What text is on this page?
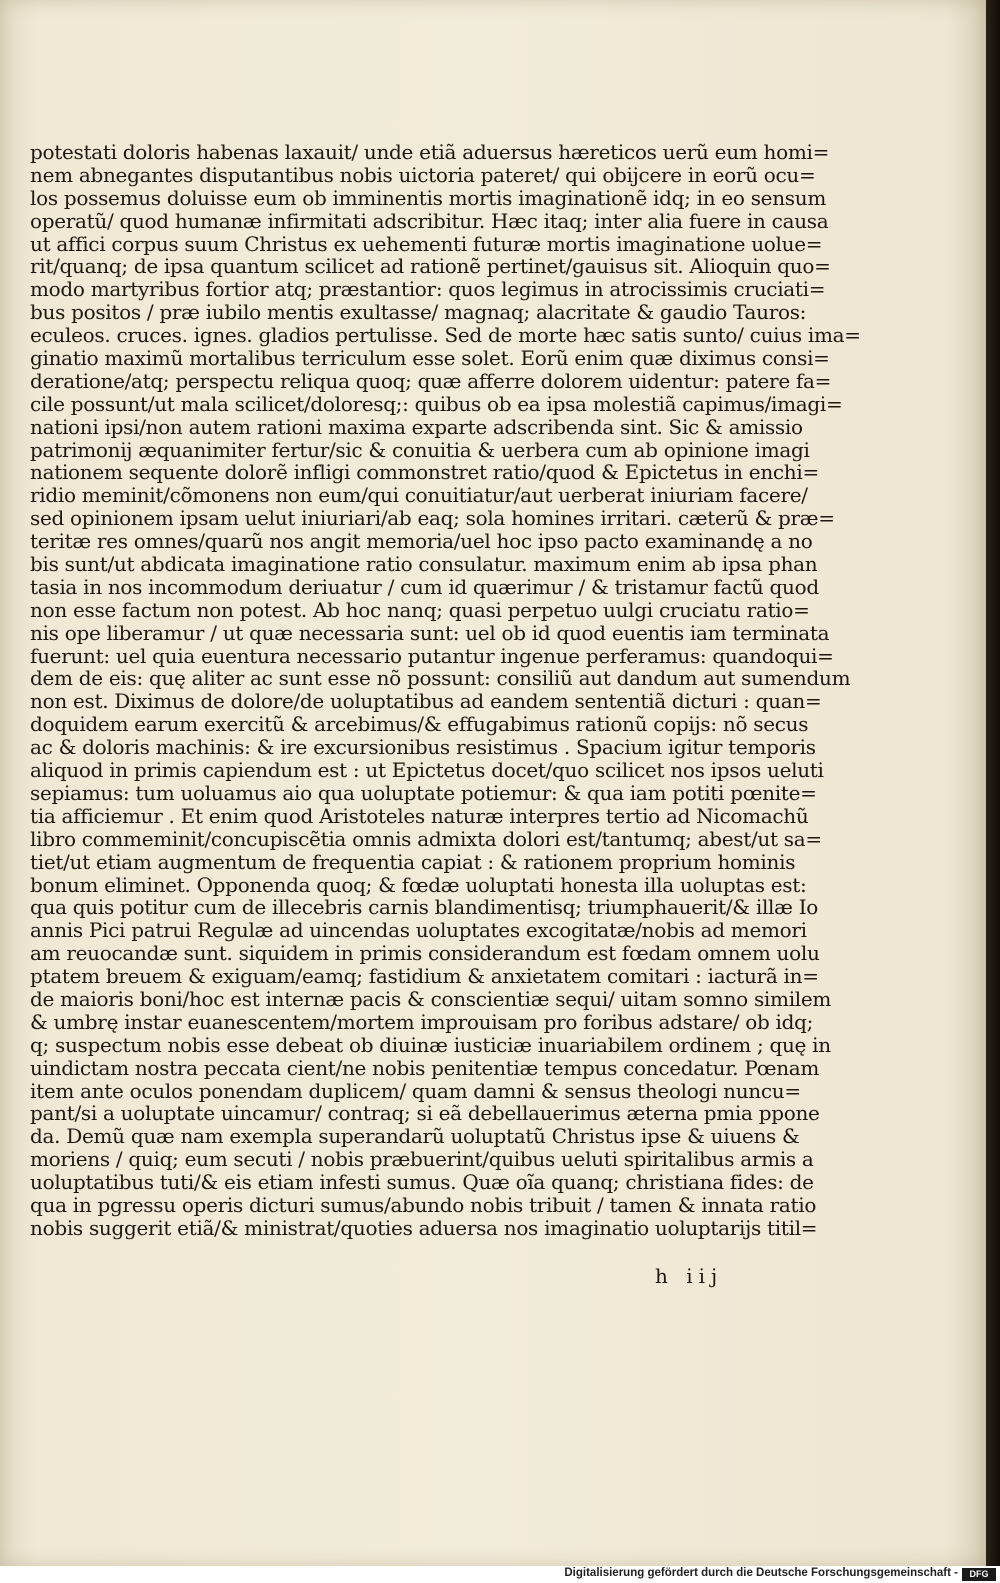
potestati doloris habenas laxauit/ unde etiã aduersus hæreticos uerũ eum homi=
nem abnegantes disputantibus nobis uictoria pateret/ qui obijcere in eorũ ocu=
los possemus doluisse eum ob imminentis mortis imaginationẽ idq; in eo sensum
operatũ/ quod humanæ infirmitati adscribitur. Hæc itaq; inter alia fuere in causa
ut affici corpus suum Christus ex uehementi futuræ mortis imaginatione uolue=
rit/quanq; de ipsa quantum scilicet ad rationẽ pertinet/gauisus sit. Alioquin quo=
modo martyribus fortior atq; præstantior: quos legimus in atrocissimis cruciati=
bus positos / præ iubilo mentis exultasse/ magnaq; alacritate & gaudio Tauros:
eculeos. cruces. ignes. gladios pertulisse. Sed de morte hæc satis sunto/ cuius ima=
ginatio maximũ mortalibus terriculum esse solet. Eorũ enim quæ diximus consi=
deratione/atq; perspectu reliqua quoq; quæ afferre dolorem uidentur: patere fa=
cile possunt/ut mala scilicet/doloresq;: quibus ob ea ipsa molestiã capimus/imagi=
nationi ipsi/non autem rationi maxima exparte adscribenda sint. Sic & amissio
patrimonij æquanimiter fertur/sic & conuitia & uerbera cum ab opinione imagi
nationem sequente dolorẽ infligi commonstret ratio/quod & Epictetus in enchi=
ridio meminit/cõmonens non eum/qui conuitiatur/aut uerberat iniuriam facere/
sed opinionem ipsam uelut iniuriari/ab eaq; sola homines irritari. cæterũ & præ=
teritæ res omnes/quarũ nos angit memoria/uel hoc ipso pacto examinandę a no
bis sunt/ut abdicata imaginatione ratio consulatur. maximum enim ab ipsa phan
tasia in nos incommodum deriuatur / cum id quærimur / & tristamur factũ quod
non esse factum non potest. Ab hoc nanq; quasi perpetuo uulgi cruciatu ratio=
nis ope liberamur / ut quæ necessaria sunt: uel ob id quod euentis iam terminata
fuerunt: uel quia euentura necessario putantur ingenue perferamus: quandoqui=
dem de eis: quę aliter ac sunt esse nõ possunt: consiliũ aut dandum aut sumendum
non est. Diximus de dolore/de uoluptatibus ad eandem sententiã dicturi : quan=
doquidem earum exercitũ & arcebimus/& effugabimus rationũ copijs: nõ secus
ac & doloris machinis: & ire excursionibus resistimus . Spacium igitur temporis
aliquod in primis capiendum est : ut Epictetus docet/quo scilicet nos ipsos ueluti
sepiamus: tum uoluamus aio qua uoluptate potiemur: & qua iam potiti pœnite=
tia afficiemur . Et enim quod Aristoteles naturæ interpres tertio ad Nicomachũ
libro commeminit/concupiscẽtia omnis admixta dolori est/tantumq; abest/ut sa=
tiet/ut etiam augmentum de frequentia capiat : & rationem proprium hominis
bonum eliminet. Opponenda quoq; & fœdæ uoluptati honesta illa uoluptas est:
qua quis potitur cum de illecebris carnis blandimentisq; triumphauerit/& illæ Io
annis Pici patrui Regulæ ad uincendas uoluptates excogitatæ/nobis ad memori
am reuocandæ sunt. siquidem in primis considerandum est fœdam omnem uolu
ptatem breuem & exiguam/eamq; fastidium & anxietatem comitari : iacturã in=
de maioris boni/hoc est internæ pacis & conscientiæ sequi/ uitam somno similem
& umbrę instar euanescentem/mortem improuisam pro foribus adstare/ ob idq;
q; suspectum nobis esse debeat ob diuinæ iusticiæ inuariabilem ordinem ; quę in
uindictam nostra peccata cient/ne nobis penitentiæ tempus concedatur. Pœnam
item ante oculos ponendam duplicem/ quam damni & sensus theologi nuncu=
pant/si a uoluptate uincamur/ contraq; si eã debellauerimus æterna pmia ppone
da. Demũ quæ nam exempla superandarũ uoluptatũ Christus ipse & uiuens &
moriens / quiq; eum secuti / nobis præbuerint/quibus ueluti spiritalibus armis a
uoluptatibus tuti/& eis etiam infesti sumus. Quæ oĩa quanq; christiana fides: de
qua in pgressu operis dicturi sumus/abundo nobis tribuit / tamen & innata ratio
nobis suggerit etiã/& ministrat/quoties aduersa nos imaginatio uoluptarijs titil=
h iij
Digitalisierung gefördert durch die Deutsche Forschungsgemeinschaft -	DFG
